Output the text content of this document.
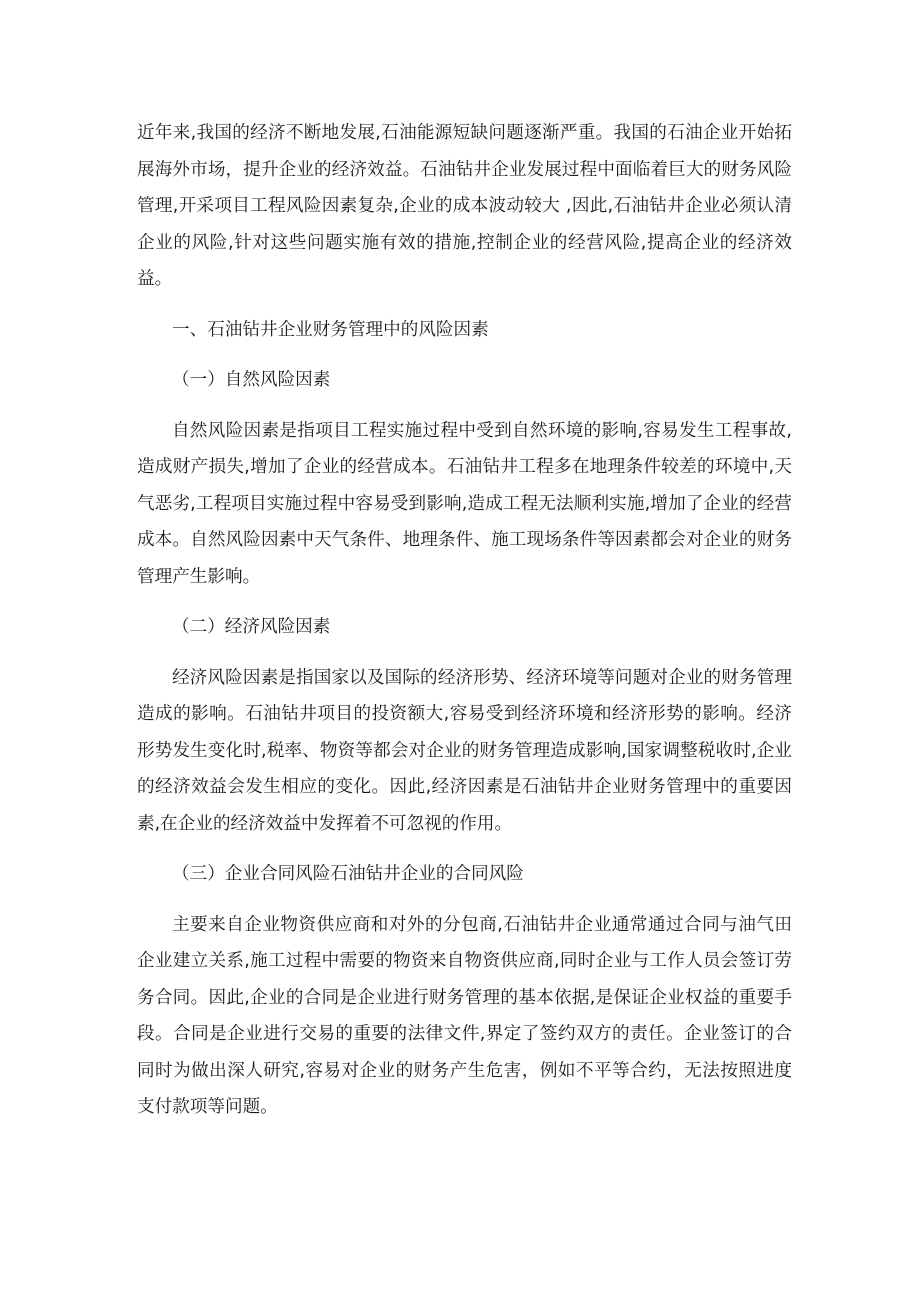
近年来,我国的经济不断地发展,石油能源短缺问题逐渐严重。我国的石油企业开始拓展海外市场，提升企业的经济效益。石油钻井企业发展过程中面临着巨大的财务风险管理,开采项目工程风险因素复杂,企业的成本波动较大 ,因此,石油钻井企业必须认清企业的风险,针对这些问题实施有效的措施,控制企业的经营风险,提高企业的经济效益。

一、石油钻井企业财务管理中的风险因素

（一）自然风险因素

自然风险因素是指项目工程实施过程中受到自然环境的影响,容易发生工程事故,造成财产损失,增加了企业的经营成本。石油钻井工程多在地理条件较差的环境中,天气恶劣,工程项目实施过程中容易受到影响,造成工程无法顺利实施,增加了企业的经营成本。自然风险因素中天气条件、地理条件、施工现场条件等因素都会对企业的财务管理产生影响。

（二）经济风险因素

经济风险因素是指国家以及国际的经济形势、经济环境等问题对企业的财务管理造成的影响。石油钻井项目的投资额大,容易受到经济环境和经济形势的影响。经济形势发生变化时,税率、物资等都会对企业的财务管理造成影响,国家调整税收时,企业的经济效益会发生相应的变化。因此,经济因素是石油钻井企业财务管理中的重要因素,在企业的经济效益中发挥着不可忽视的作用。

（三）企业合同风险石油钻井企业的合同风险

主要来自企业物资供应商和对外的分包商,石油钻井企业通常通过合同与油气田企业建立关系,施工过程中需要的物资来自物资供应商,同时企业与工作人员会签订劳务合同。因此,企业的合同是企业进行财务管理的基本依据,是保证企业权益的重要手段。合同是企业进行交易的重要的法律文件,界定了签约双方的责任。企业签订的合同时为做出深人研究,容易对企业的财务产生危害，例如不平等合约，无法按照进度支付款项等问题。
